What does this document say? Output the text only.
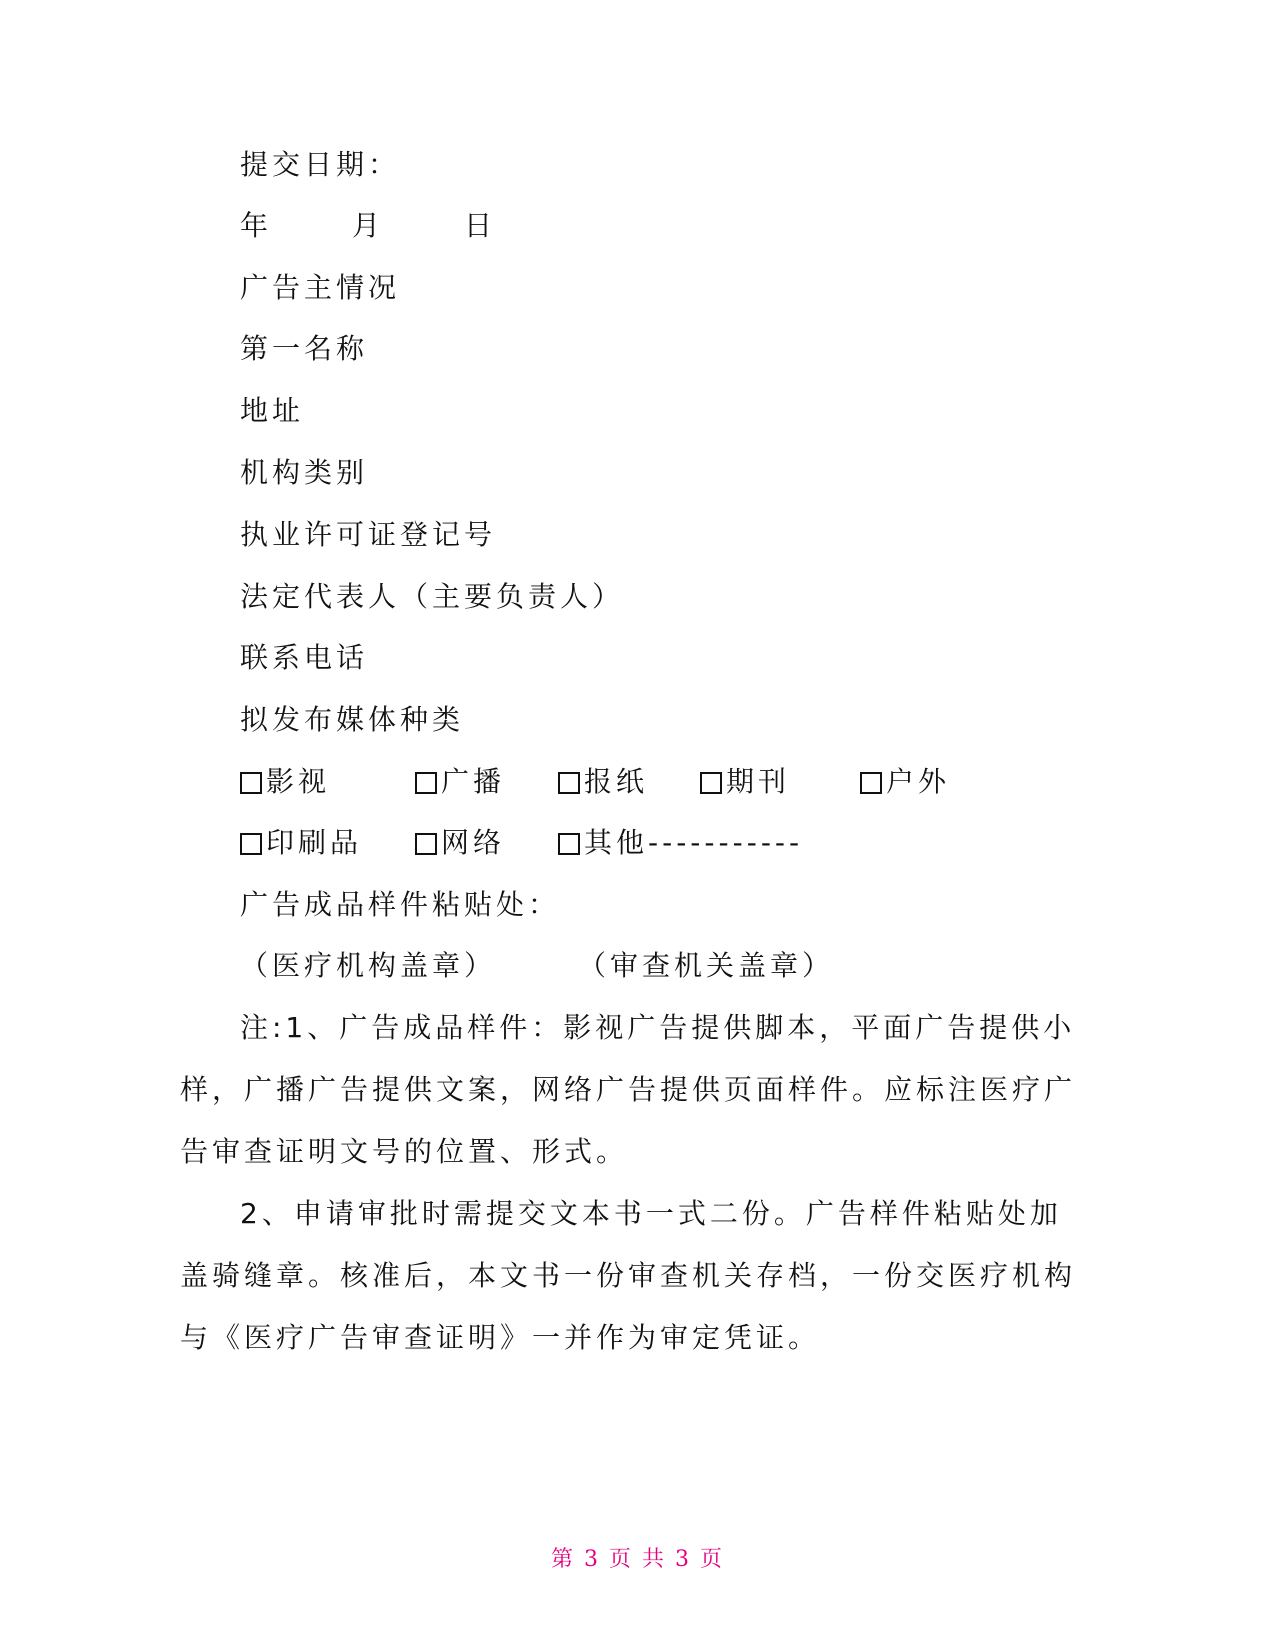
提交日期：
年	月	日
广告主情况
第一名称
地址
机构类别
执业许可证登记号
法定代表人（主要负责人）
联系电话
拟发布媒体种类
影视	广播	报纸	期刊	户外
印刷品	网络	其他-----------
广告成品样件粘贴处：
（医疗机构盖章）	（审查机关盖章）
注:1、广告成品样件：影视广告提供脚本，平面广告提供小样，广播广告提供文案，网络广告提供页面样件。应标注医疗广告审查证明文号的位置、形式。
2、申请审批时需提交文本书一式二份。广告样件粘贴处加盖骑缝章。核准后，本文书一份审查机关存档，一份交医疗机构与《医疗广告审查证明》一并作为审定凭证。
第 3 页 共 3 页
